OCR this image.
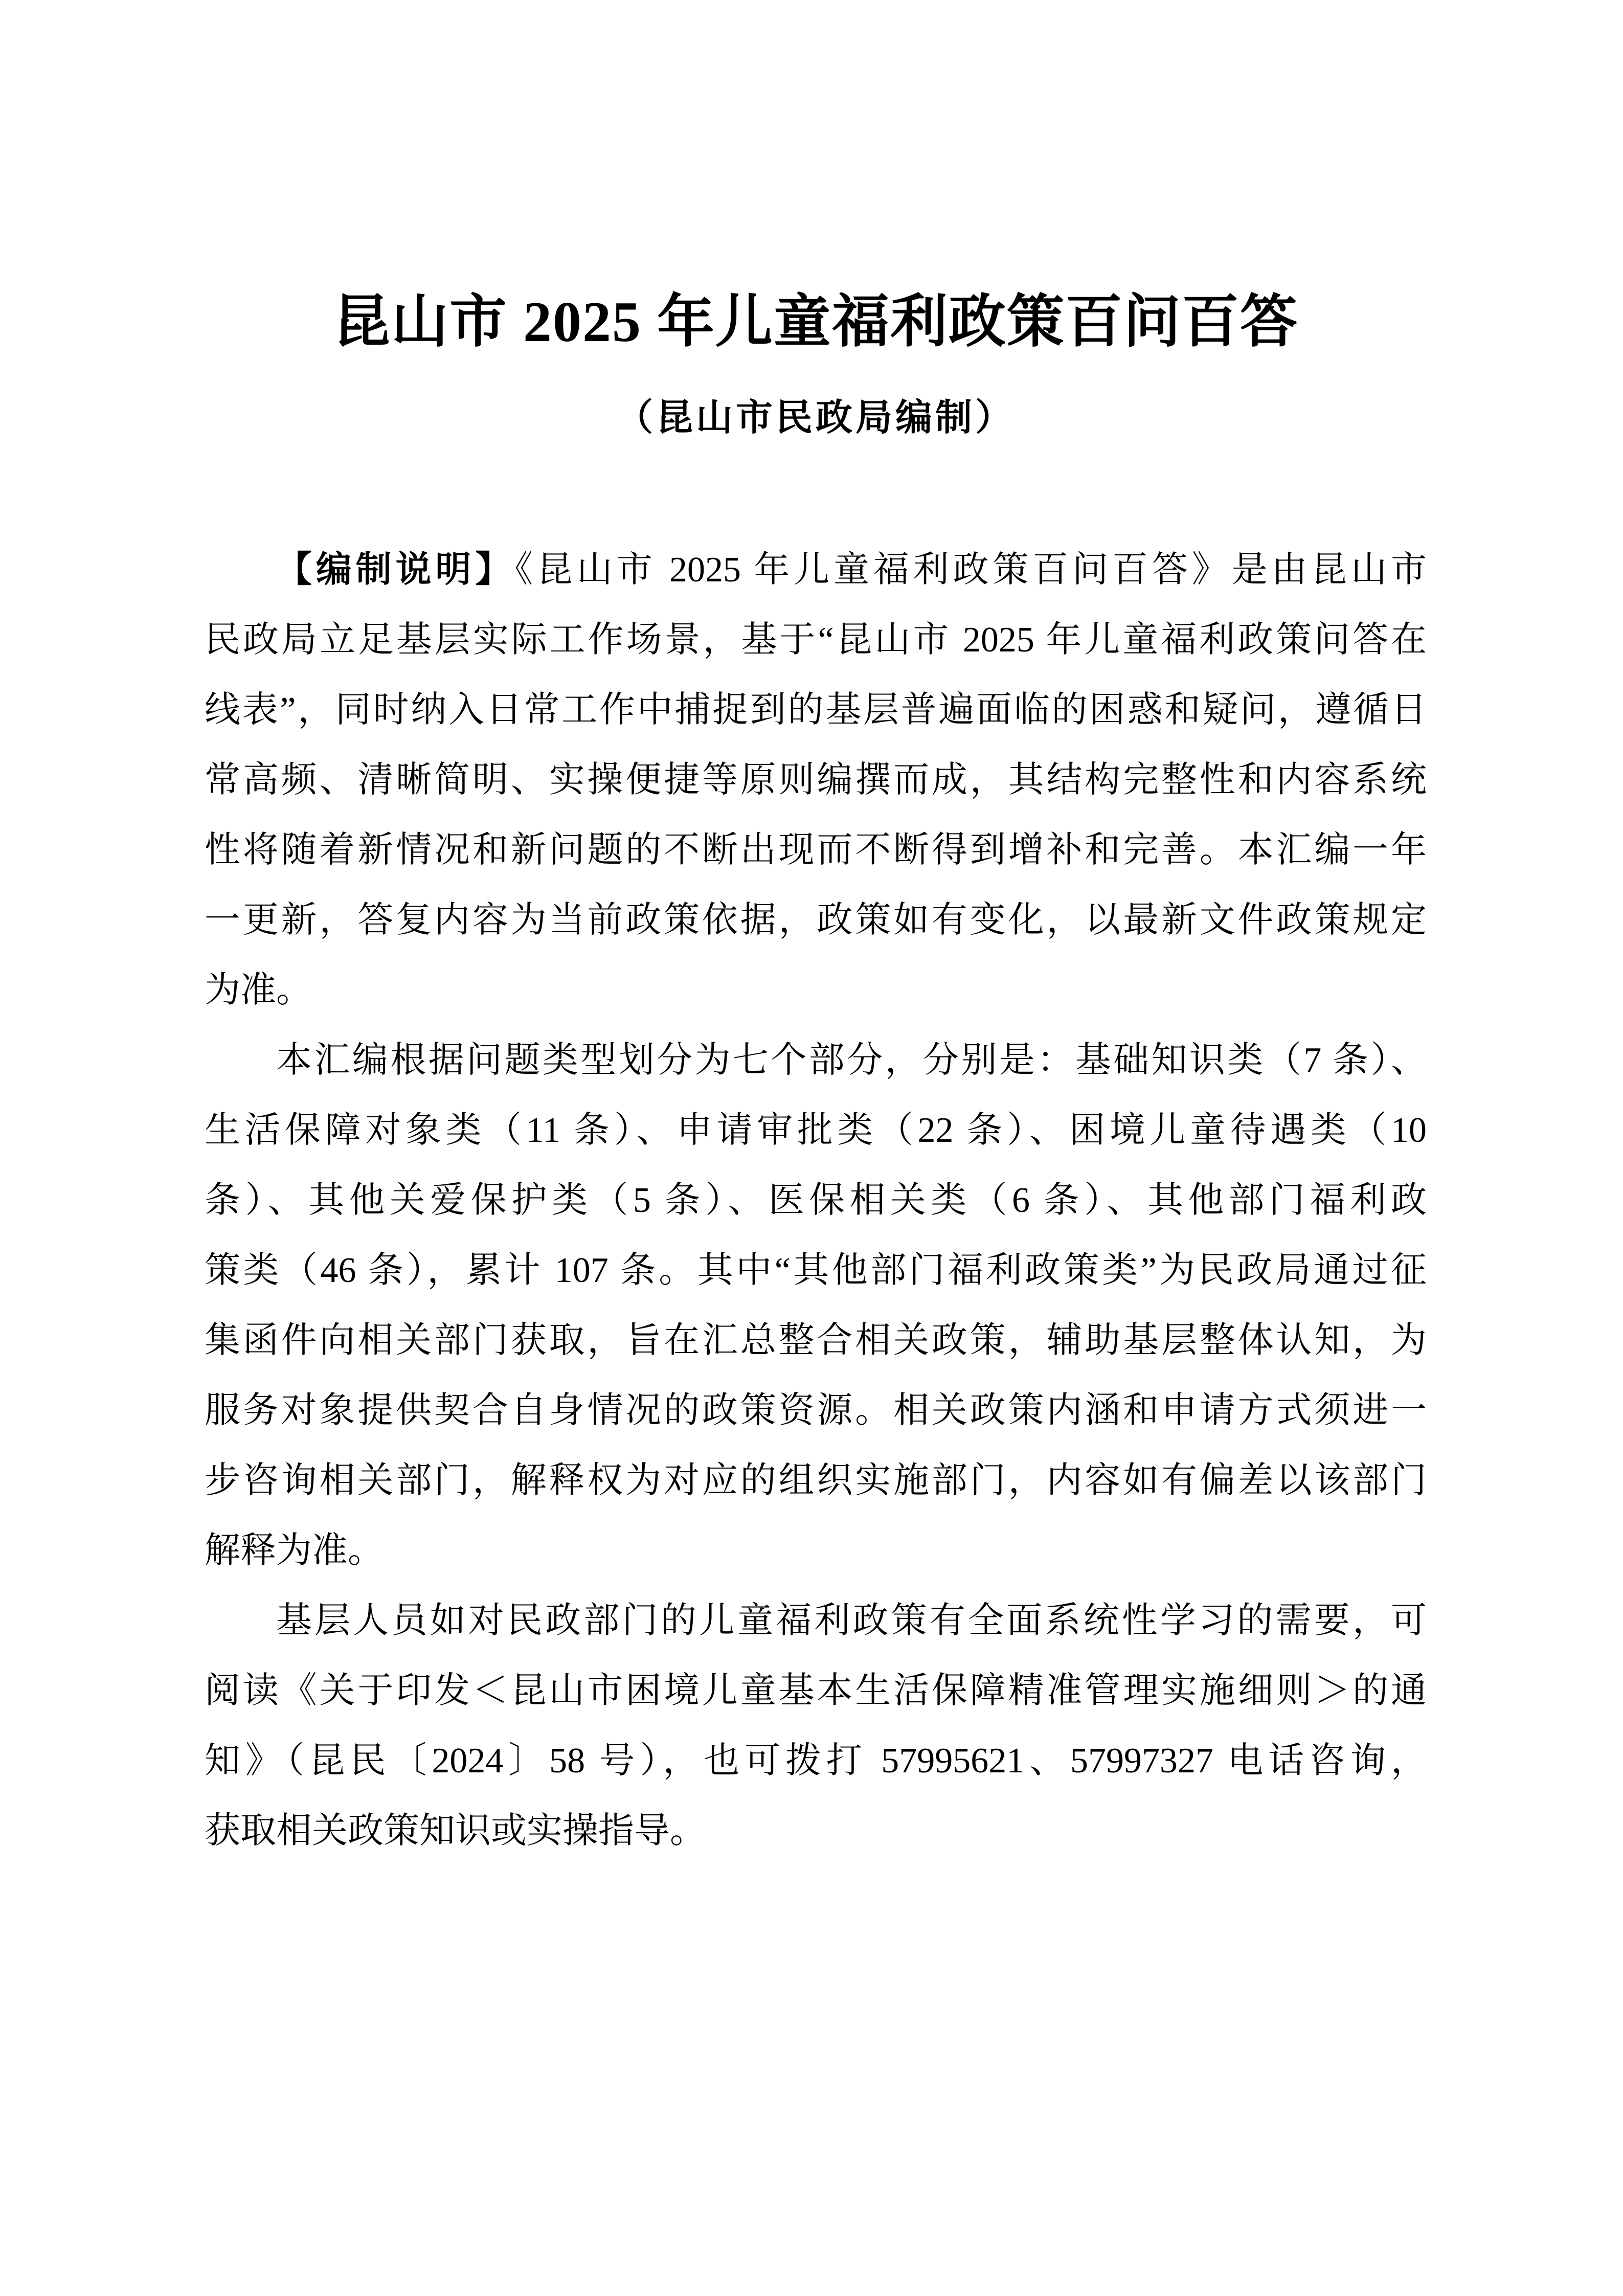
昆山市 2025 年儿童福利政策百问百答
（昆山市民政局编制）
【编制说明】《昆山市 2025 年儿童福利政策百问百答》是由昆山市
民政局立足基层实际工作场景，基于“昆山市 2025 年儿童福利政策问答在
线表”，同时纳入日常工作中捕捉到的基层普遍面临的困惑和疑问，遵循日
常高频、清晰简明、实操便捷等原则编撰而成，其结构完整性和内容系统
性将随着新情况和新问题的不断出现而不断得到增补和完善。本汇编一年
一更新，答复内容为当前政策依据，政策如有变化，以最新文件政策规定
为准。
本汇编根据问题类型划分为七个部分，分别是：基础知识类（7 条）、
生活保障对象类（11 条）、申请审批类（22 条）、困境儿童待遇类（10
条）、其他关爱保护类（5 条）、医保相关类（6 条）、其他部门福利政
策类（46 条），累计 107 条。其中“其他部门福利政策类”为民政局通过征
集函件向相关部门获取，旨在汇总整合相关政策，辅助基层整体认知，为
服务对象提供契合自身情况的政策资源。相关政策内涵和申请方式须进一
步咨询相关部门，解释权为对应的组织实施部门，内容如有偏差以该部门
解释为准。
基层人员如对民政部门的儿童福利政策有全面系统性学习的需要，可
阅读《关于印发＜昆山市困境儿童基本生活保障精准管理实施细则＞的通
知》（昆民〔2024〕58 号），也可拨打 57995621、57997327 电话咨询，
获取相关政策知识或实操指导。
